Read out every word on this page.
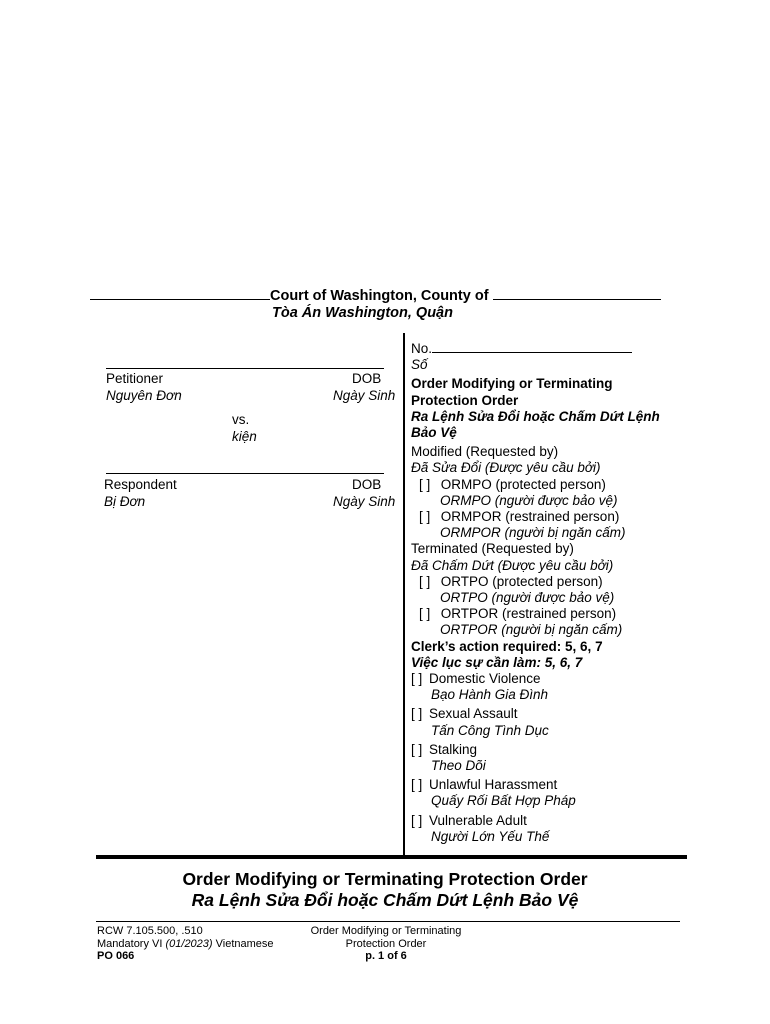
Court of Washington, County of
Tòa Án Washington, Quận
Petitioner
Nguyên Đơn
DOB
Ngày Sinh
vs.
kiện
Respondent
Bị Đơn
DOB
Ngày Sinh
No.
Số
Order Modifying or Terminating
Protection Order
Ra Lệnh Sửa Đổi hoặc Chấm Dứt Lệnh
Bảo Vệ
Modified (Requested by)
Đã Sửa Đổi (Được yêu cầu bởi)
[ ] ORMPO (protected person)
ORMPO (người được bảo vệ)
[ ] ORMPOR (restrained person)
ORMPOR (người bị ngăn cấm)
Terminated (Requested by)
Đã Chấm Dứt (Được yêu cầu bởi)
[ ] ORTPO (protected person)
ORTPO (người được bảo vệ)
[ ] ORTPOR (restrained person)
ORTPOR (người bị ngăn cấm)
Clerk’s action required: 5, 6, 7
Việc lục sự cần làm: 5, 6, 7
[ ] Domestic Violence
Bạo Hành Gia Đình
[ ] Sexual Assault
Tấn Công Tình Dục
[ ] Stalking
Theo Dõi
[ ] Unlawful Harassment
Quấy Rối Bất Hợp Pháp
[ ] Vulnerable Adult
Người Lớn Yếu Thế
Order Modifying or Terminating Protection Order
Ra Lệnh Sửa Đổi hoặc Chấm Dứt Lệnh Bảo Vệ
RCW 7.105.500, .510
Mandatory VI (01/2023) Vietnamese
PO 066
Order Modifying or Terminating
Protection Order
p. 1 of 6
